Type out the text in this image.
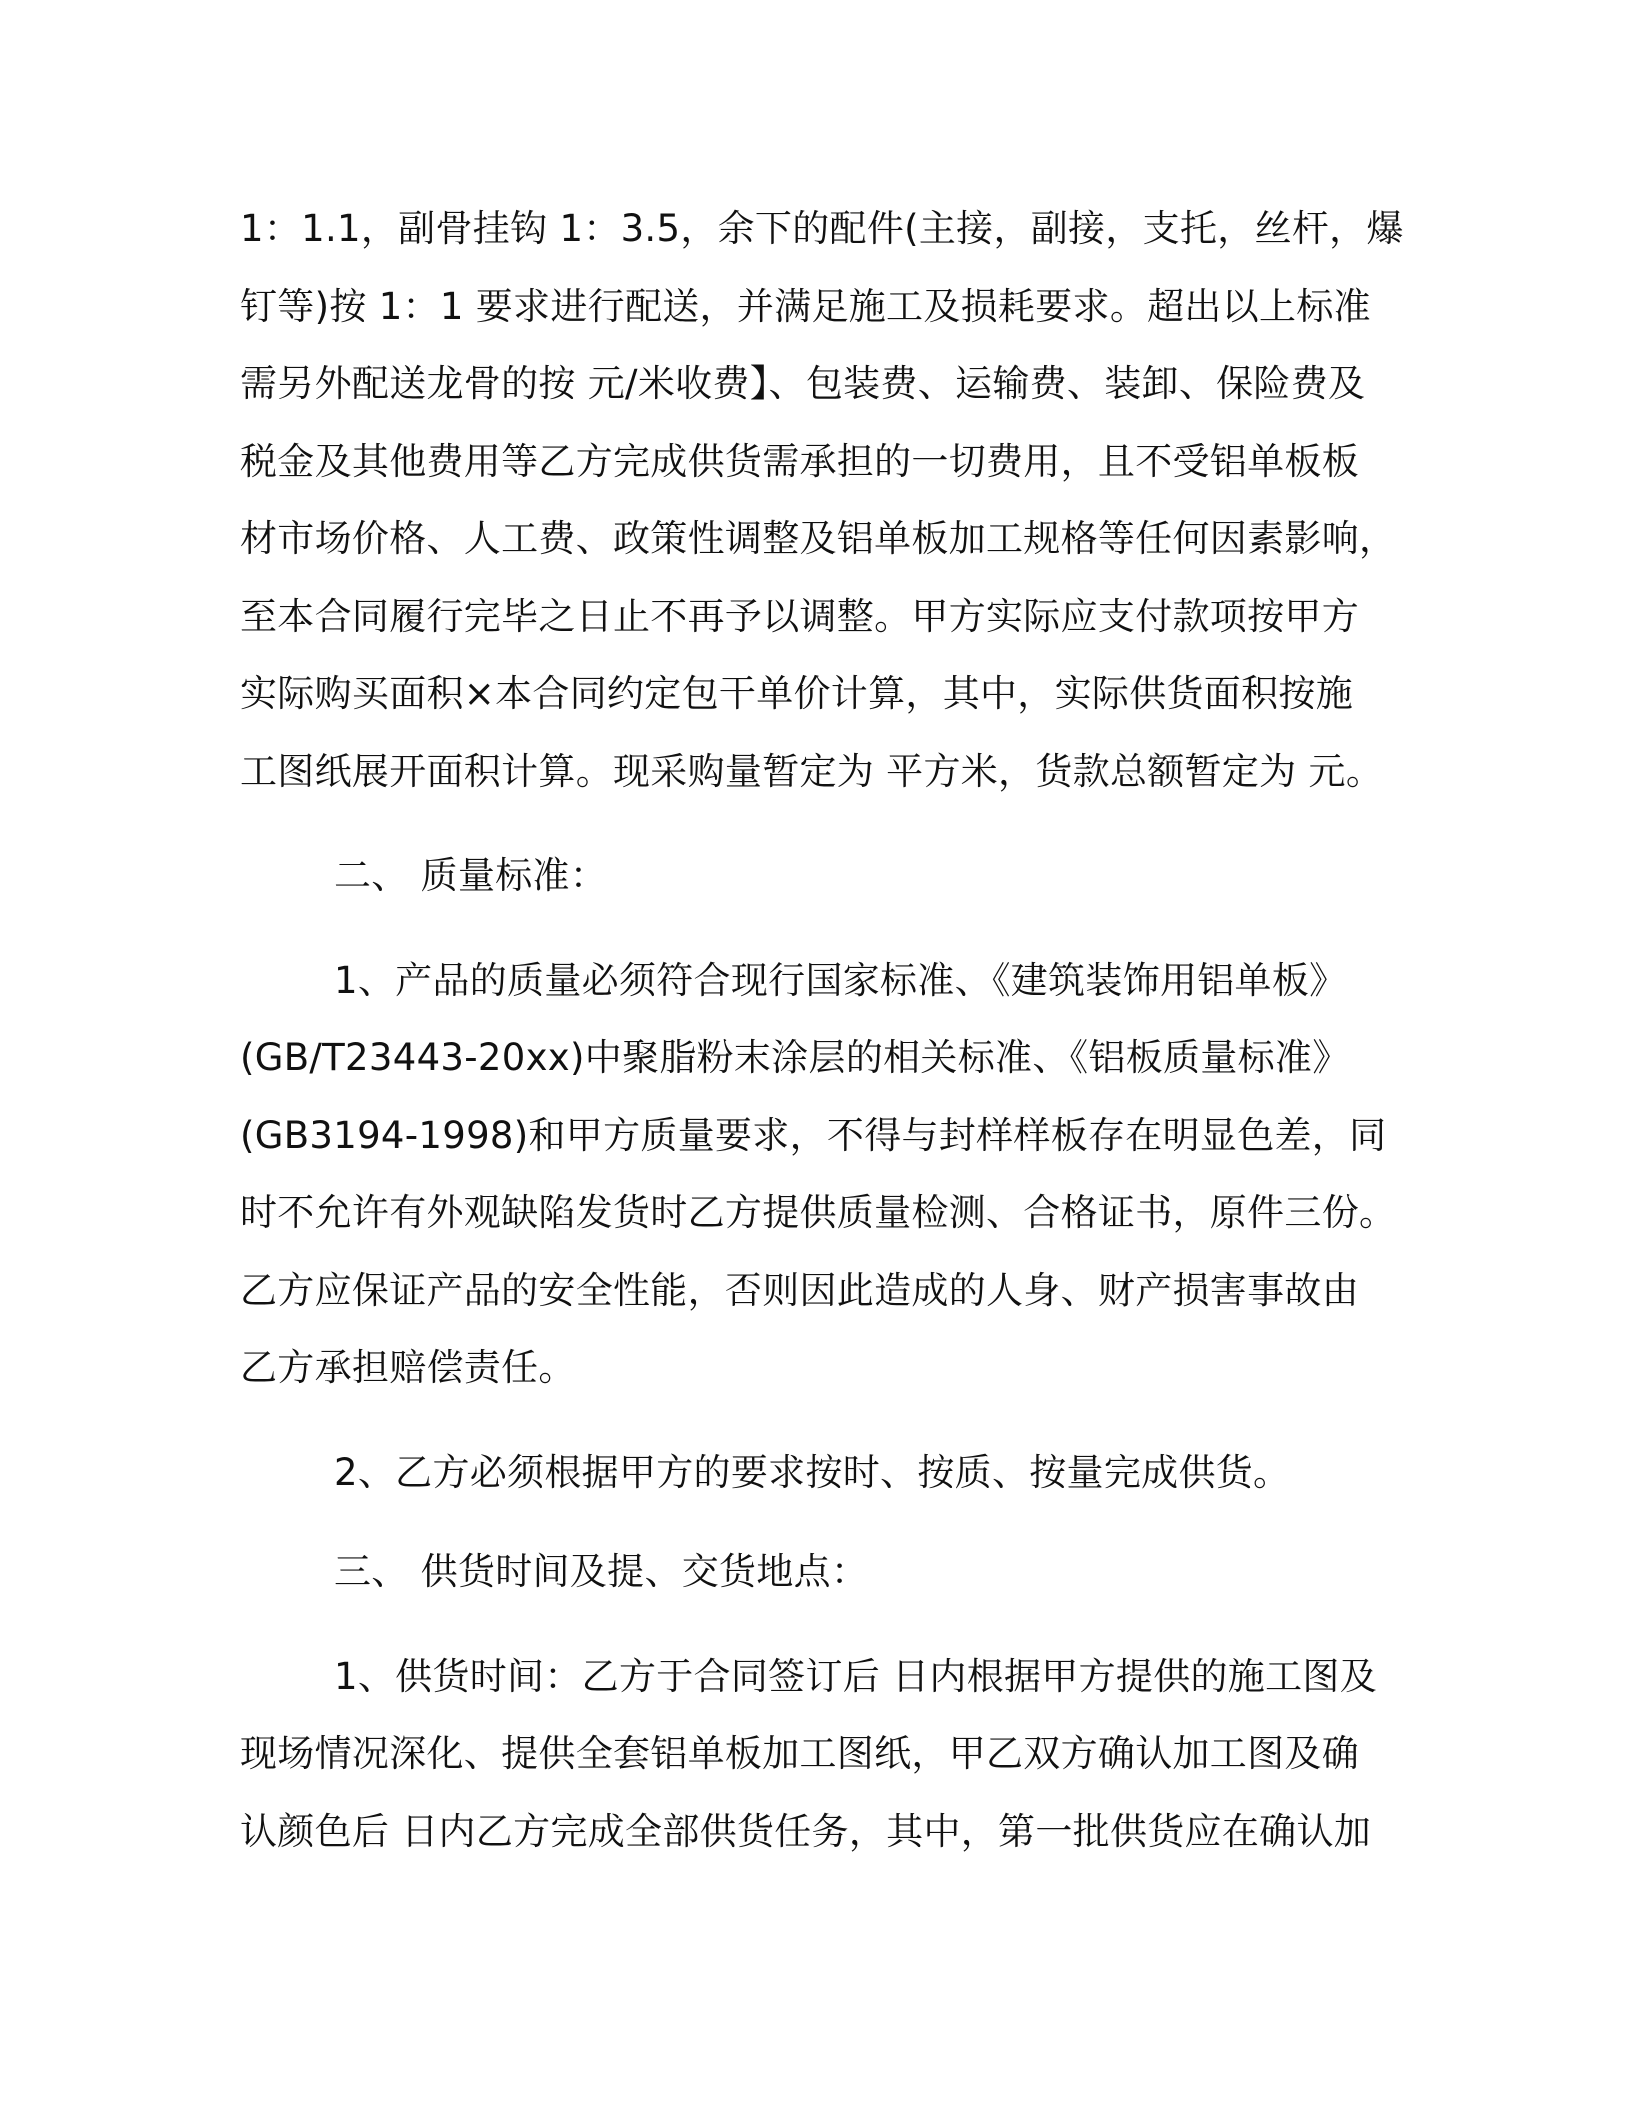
1：1.1，副骨挂钩 1：3.5，余下的配件(主接，副接，支托，丝杆，爆
钉等)按 1：1 要求进行配送，并满足施工及损耗要求。超出以上标准
需另外配送龙骨的按 元/米收费】、包装费、运输费、装卸、保险费及
税金及其他费用等乙方完成供货需承担的一切费用，且不受铝单板板
材市场价格、人工费、政策性调整及铝单板加工规格等任何因素影响，
至本合同履行完毕之日止不再予以调整。甲方实际应支付款项按甲方
实际购买面积×本合同约定包干单价计算，其中，实际供货面积按施
工图纸展开面积计算。现采购量暂定为 平方米，货款总额暂定为 元。
二、 质量标准：
1、产品的质量必须符合现行国家标准、《建筑装饰用铝单板》
(GB/T23443-20xx)中聚脂粉末涂层的相关标准、《铝板质量标准》
(GB3194-1998)和甲方质量要求，不得与封样样板存在明显色差，同
时不允许有外观缺陷发货时乙方提供质量检测、合格证书，原件三份。
乙方应保证产品的安全性能，否则因此造成的人身、财产损害事故由
乙方承担赔偿责任。
2、乙方必须根据甲方的要求按时、按质、按量完成供货。
三、 供货时间及提、交货地点：
1、供货时间：乙方于合同签订后 日内根据甲方提供的施工图及
现场情况深化、提供全套铝单板加工图纸，甲乙双方确认加工图及确
认颜色后 日内乙方完成全部供货任务，其中，第一批供货应在确认加
